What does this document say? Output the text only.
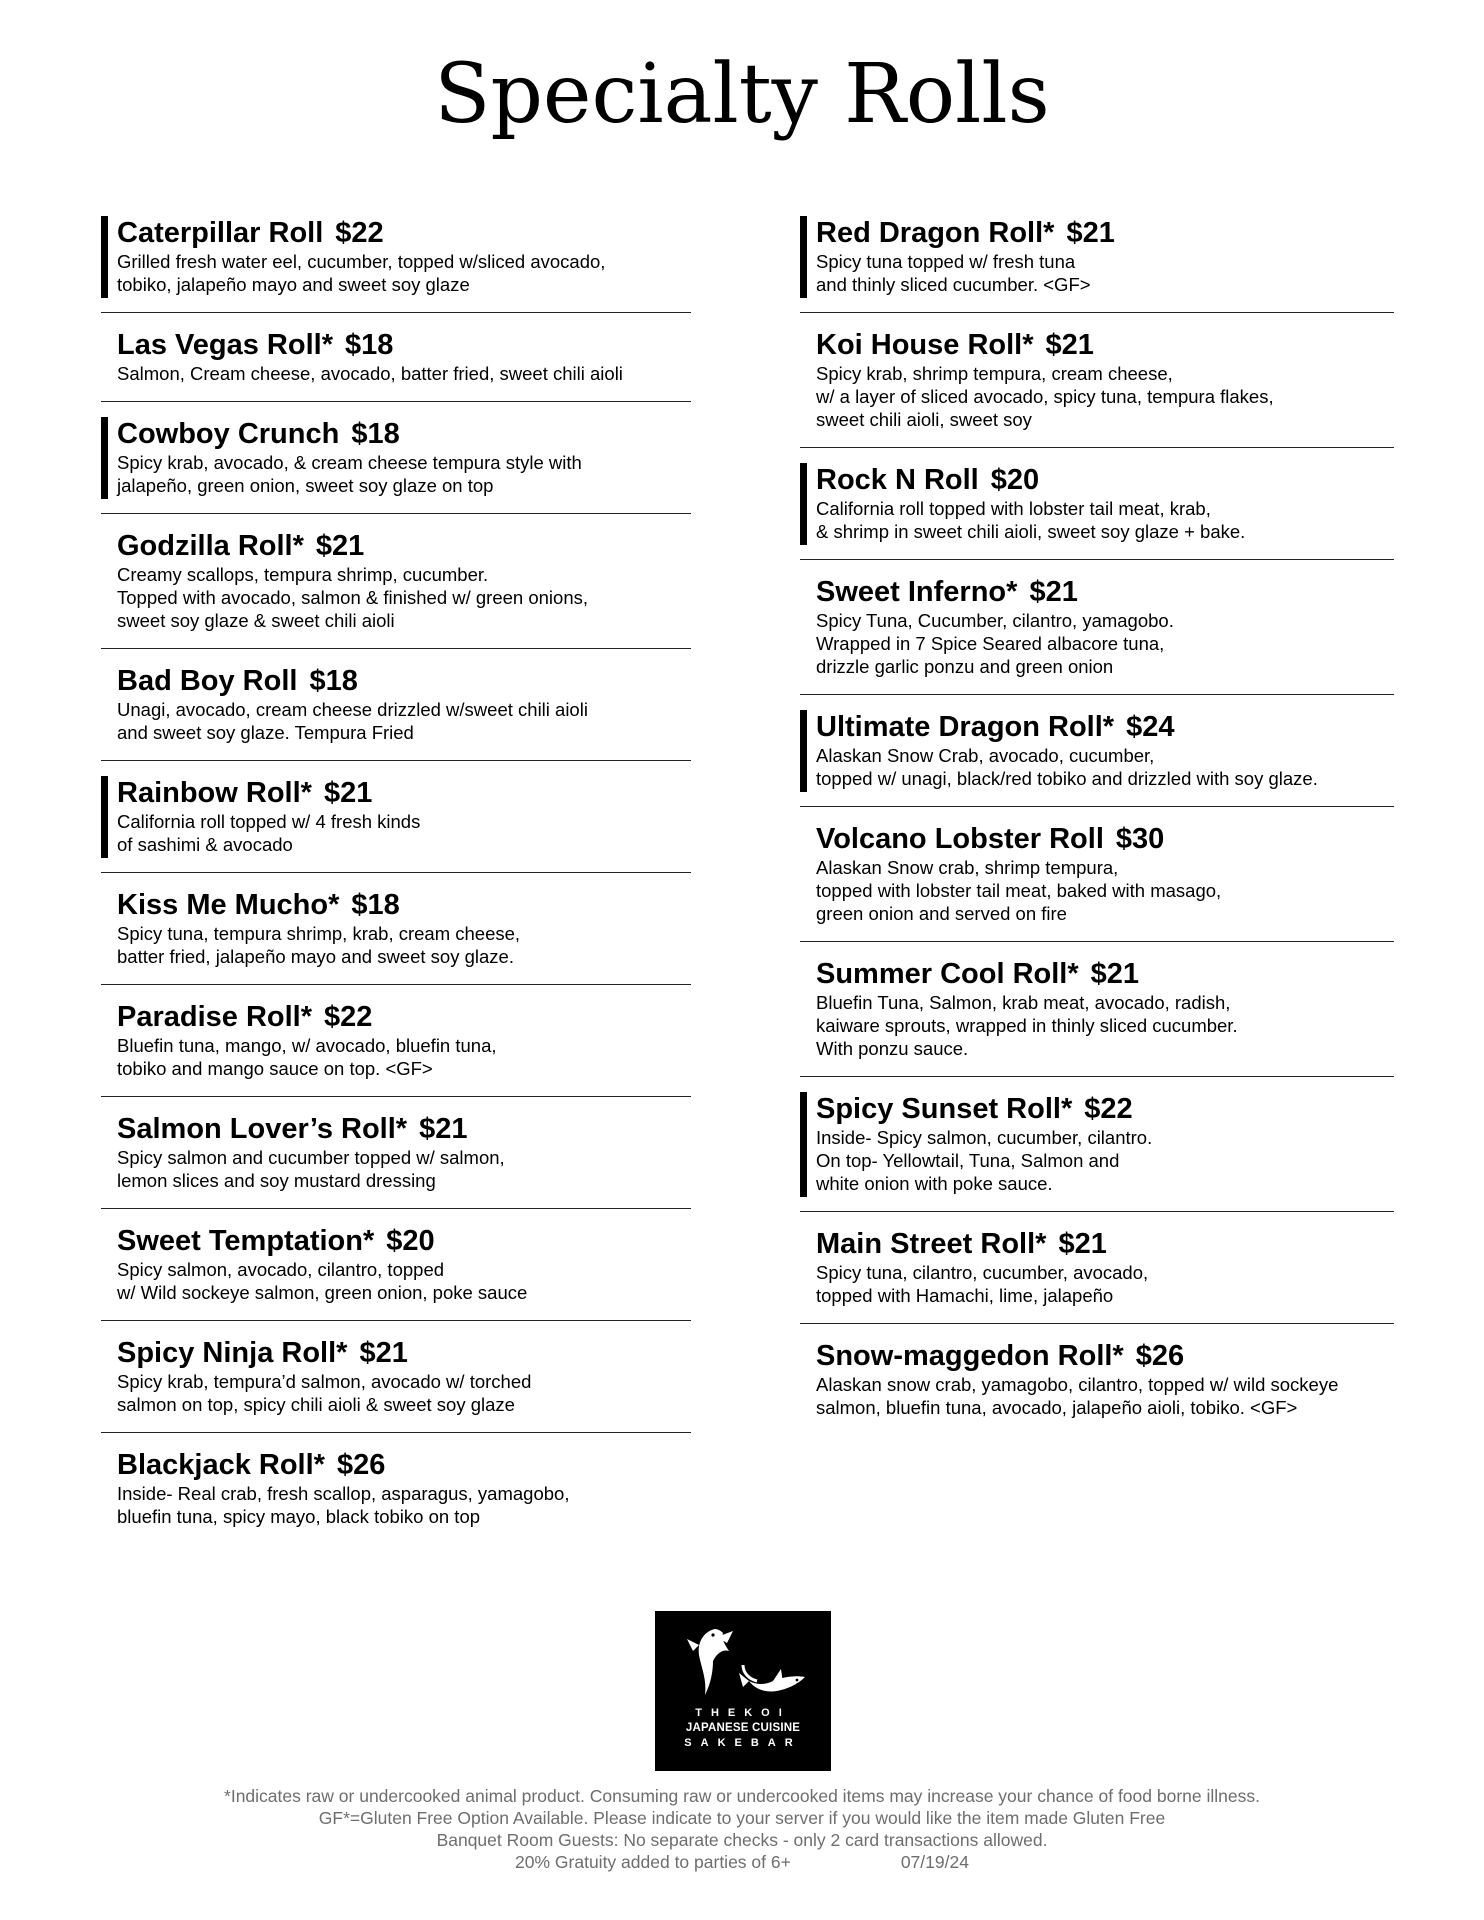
Specialty Rolls
Caterpillar Roll $22
Grilled fresh water eel, cucumber, topped w/sliced avocado,
tobiko, jalapeño mayo and sweet soy glaze
Las Vegas Roll* $18
Salmon, Cream cheese, avocado, batter fried, sweet chili aioli
Cowboy Crunch $18
Spicy krab, avocado, & cream cheese tempura style with
jalapeño, green onion, sweet soy glaze on top
Godzilla Roll* $21
Creamy scallops, tempura shrimp, cucumber.
Topped with avocado, salmon & finished w/ green onions,
sweet soy glaze & sweet chili aioli
Bad Boy Roll $18
Unagi, avocado, cream cheese drizzled w/sweet chili aioli
and sweet soy glaze. Tempura Fried
Rainbow Roll* $21
California roll topped w/ 4 fresh kinds
of sashimi & avocado
Kiss Me Mucho* $18
Spicy tuna, tempura shrimp, krab, cream cheese,
batter fried, jalapeño mayo and sweet soy glaze.
Paradise Roll* $22
Bluefin tuna, mango, w/ avocado, bluefin tuna,
tobiko and mango sauce on top. <GF>
Salmon Lover’s Roll* $21
Spicy salmon and cucumber topped w/ salmon,
lemon slices and soy mustard dressing
Sweet Temptation* $20
Spicy salmon, avocado, cilantro, topped
w/ Wild sockeye salmon, green onion, poke sauce
Spicy Ninja Roll* $21
Spicy krab, tempura’d salmon, avocado w/ torched
salmon on top, spicy chili aioli & sweet soy glaze
Blackjack Roll* $26
Inside- Real crab, fresh scallop, asparagus, yamagobo,
bluefin tuna, spicy mayo, black tobiko on top
Red Dragon Roll* $21
Spicy tuna topped w/ fresh tuna
and thinly sliced cucumber. <GF>
Koi House Roll* $21
Spicy krab, shrimp tempura, cream cheese,
w/ a layer of sliced avocado, spicy tuna, tempura flakes,
sweet chili aioli, sweet soy
Rock N Roll $20
California roll topped with lobster tail meat, krab,
& shrimp in sweet chili aioli, sweet soy glaze + bake.
Sweet Inferno* $21
Spicy Tuna, Cucumber, cilantro, yamagobo.
Wrapped in 7 Spice Seared albacore tuna,
drizzle garlic ponzu and green onion
Ultimate Dragon Roll* $24
Alaskan Snow Crab, avocado, cucumber,
topped w/ unagi, black/red tobiko and drizzled with soy glaze.
Volcano Lobster Roll $30
Alaskan Snow crab, shrimp tempura,
topped with lobster tail meat, baked with masago,
green onion and served on fire
Summer Cool Roll* $21
Bluefin Tuna, Salmon, krab meat, avocado, radish,
kaiware sprouts, wrapped in thinly sliced cucumber.
With ponzu sauce.
Spicy Sunset Roll* $22
Inside- Spicy salmon, cucumber, cilantro.
On top- Yellowtail, Tuna, Salmon and
white onion with poke sauce.
Main Street Roll* $21
Spicy tuna, cilantro, cucumber, avocado,
topped with Hamachi, lime, jalapeño
Snow-maggedon Roll* $26
Alaskan snow crab, yamagobo, cilantro, topped w/ wild sockeye
salmon, bluefin tuna, avocado, jalapeño aioli, tobiko. <GF>
THEKOI
JAPANESE CUISINE
SAKEBAR
*Indicates raw or undercooked animal product. Consuming raw or undercooked items may increase your chance of food borne illness.
GF*=Gluten Free Option Available. Please indicate to your server if you would like the item made Gluten Free
Banquet Room Guests: No separate checks - only 2 card transactions allowed.
20% Gratuity added to parties of 6+	07/19/24
